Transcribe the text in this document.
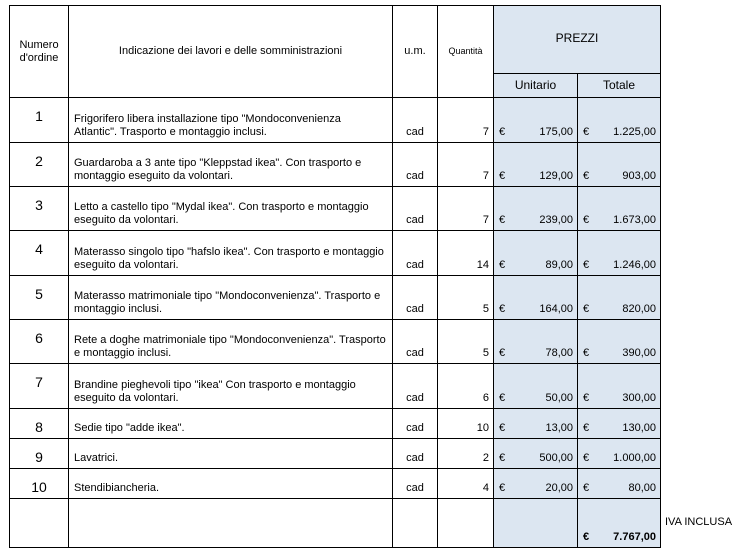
Numero d'ordine	Indicazione dei lavori e delle somministrazioni	u.m.	Quantità	PREZZI	
				Unitario	Totale
1	Frigorifero libera installazione tipo "Mondoconvenienza Atlantic". Trasporto e montaggio inclusi.	cad	7	€ 175,00	€ 1.225,00

2	Guardaroba a 3 ante tipo "Kleppstad ikea". Con trasporto e montaggio eseguito da volontari.	cad	7	€ 129,00	€ 903,00

3	Letto a castello tipo "Mydal ikea". Con trasporto e montaggio eseguito da volontari.	cad	7	€ 239,00	€ 1.673,00

4	Materasso singolo tipo "hafslo ikea". Con trasporto e montaggio eseguito da volontari.	cad	14	€ 89,00	€ 1.246,00

5	Materasso matrimoniale tipo "Mondoconvenienza". Trasporto e montaggio inclusi.	cad	5	€ 164,00	€ 820,00

6	Rete a doghe matrimoniale tipo "Mondoconvenienza". Trasporto e montaggio inclusi.	cad	5	€ 78,00	€ 390,00

7	Brandine pieghevoli tipo "ikea" Con trasporto e montaggio eseguito da volontari.	cad	6	€ 50,00	€ 300,00

8	Sedie tipo "adde ikea".	cad	10	€ 13,00	€ 130,00

9	Lavatrici.	cad	2	€ 500,00	€ 1.000,00

10	Stendibiancheria.	cad	4	€ 20,00	€ 80,00

					€ 7.767,00
IVA INCLUSA
